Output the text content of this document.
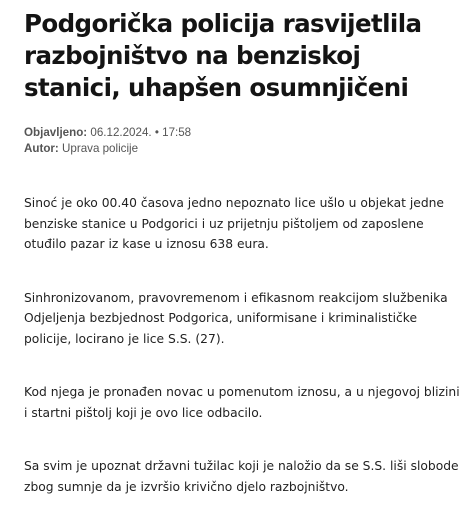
Podgorička policija rasvijetlila razbojništvo na benziskoj stanici, uhapšen osumnjičeni
Objavljeno: 06.12.2024. • 17:58
Autor: Uprava policije

Sinoć je oko 00.40 časova jedno nepoznato lice ušlo u objekat jedne benziske stanice u Podgorici i uz prijetnju pištoljem od zaposlene otuđilo pazar iz kase u iznosu 638 eura.

Sinhronizovanom, pravovremenom i efikasnom reakcijom službenika Odjeljenja bezbjednost Podgorica, uniformisane i kriminalističke policije, locirano je lice S.S. (27).

Kod njega je pronađen novac u pomenutom iznosu, a u njegovoj blizini i startni pištolj koji je ovo lice odbacilo.

Sa svim je upoznat državni tužilac koji je naložio da se S.S. liši slobode zbog sumnje da je izvršio krivično djelo razbojništvo.
